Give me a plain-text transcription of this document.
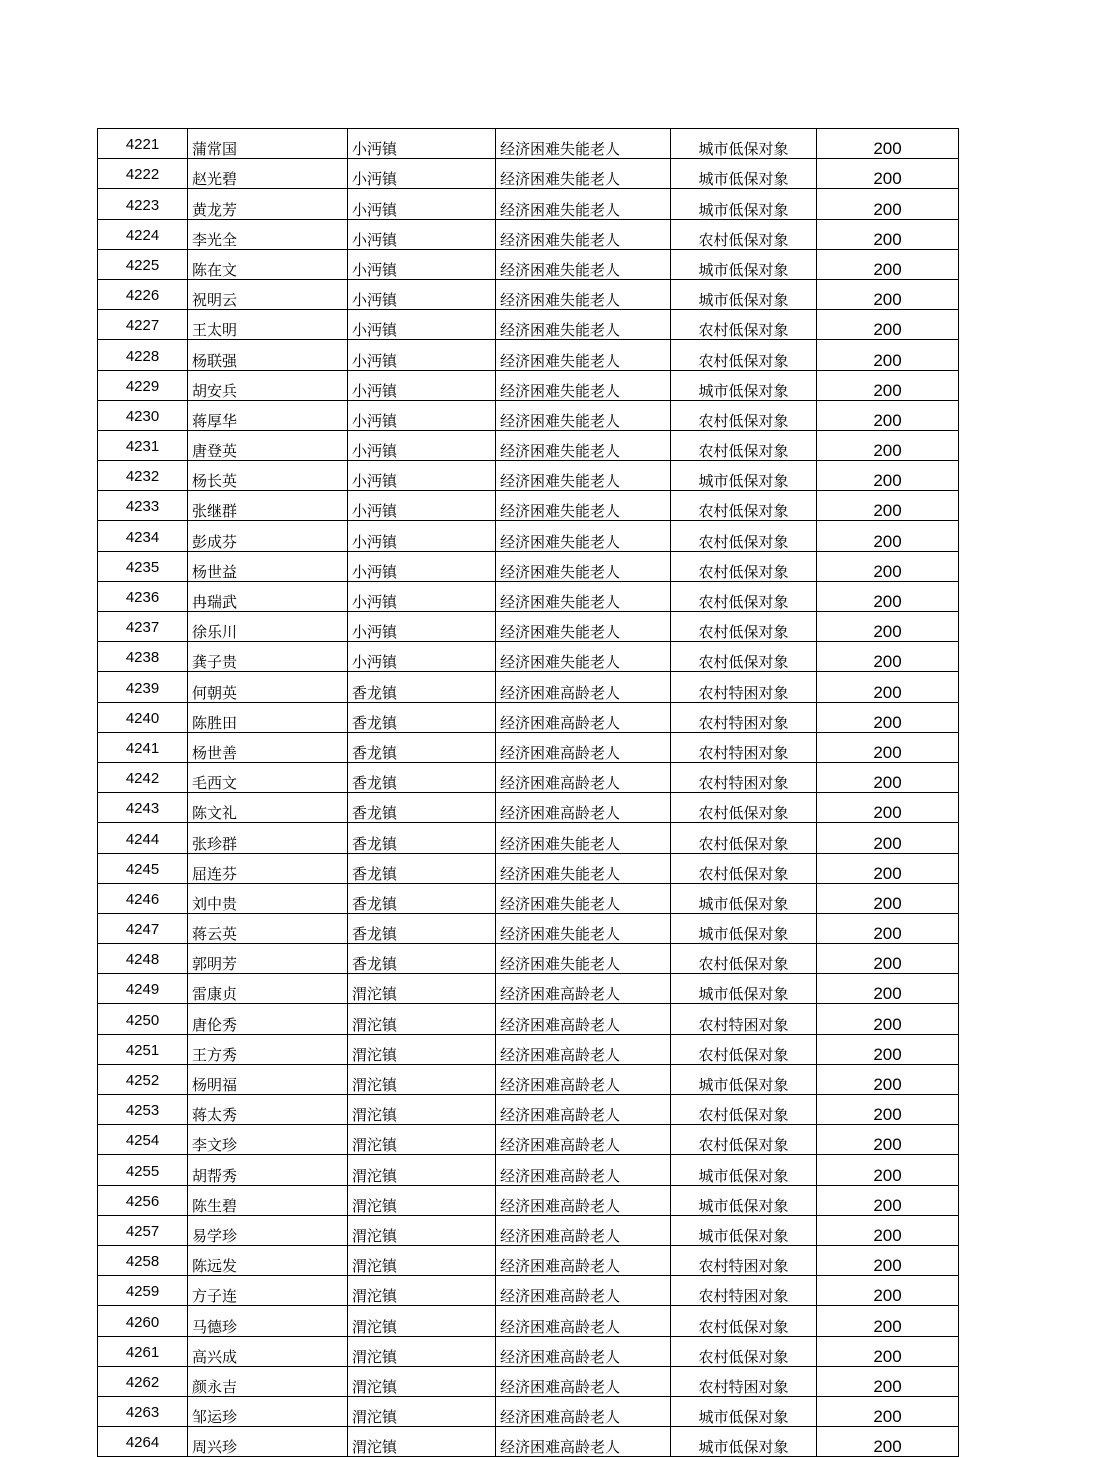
4221	蒲常国	小沔镇	经济困难失能老人	城市低保对象	200
4222	赵光碧	小沔镇	经济困难失能老人	城市低保对象	200
4223	黄龙芳	小沔镇	经济困难失能老人	城市低保对象	200
4224	李光全	小沔镇	经济困难失能老人	农村低保对象	200
4225	陈在文	小沔镇	经济困难失能老人	城市低保对象	200
4226	祝明云	小沔镇	经济困难失能老人	城市低保对象	200
4227	王太明	小沔镇	经济困难失能老人	农村低保对象	200
4228	杨联强	小沔镇	经济困难失能老人	农村低保对象	200
4229	胡安兵	小沔镇	经济困难失能老人	城市低保对象	200
4230	蒋厚华	小沔镇	经济困难失能老人	农村低保对象	200
4231	唐登英	小沔镇	经济困难失能老人	农村低保对象	200
4232	杨长英	小沔镇	经济困难失能老人	城市低保对象	200
4233	张继群	小沔镇	经济困难失能老人	农村低保对象	200
4234	彭成芬	小沔镇	经济困难失能老人	农村低保对象	200
4235	杨世益	小沔镇	经济困难失能老人	农村低保对象	200
4236	冉瑞武	小沔镇	经济困难失能老人	农村低保对象	200
4237	徐乐川	小沔镇	经济困难失能老人	农村低保对象	200
4238	龚子贵	小沔镇	经济困难失能老人	农村低保对象	200
4239	何朝英	香龙镇	经济困难高龄老人	农村特困对象	200
4240	陈胜田	香龙镇	经济困难高龄老人	农村特困对象	200
4241	杨世善	香龙镇	经济困难高龄老人	农村特困对象	200
4242	毛西文	香龙镇	经济困难高龄老人	农村特困对象	200
4243	陈文礼	香龙镇	经济困难高龄老人	农村低保对象	200
4244	张珍群	香龙镇	经济困难失能老人	农村低保对象	200
4245	屈连芬	香龙镇	经济困难失能老人	农村低保对象	200
4246	刘中贵	香龙镇	经济困难失能老人	城市低保对象	200
4247	蒋云英	香龙镇	经济困难失能老人	城市低保对象	200
4248	郭明芳	香龙镇	经济困难失能老人	农村低保对象	200
4249	雷康贞	渭沱镇	经济困难高龄老人	城市低保对象	200
4250	唐伦秀	渭沱镇	经济困难高龄老人	农村特困对象	200
4251	王方秀	渭沱镇	经济困难高龄老人	农村低保对象	200
4252	杨明福	渭沱镇	经济困难高龄老人	城市低保对象	200
4253	蒋太秀	渭沱镇	经济困难高龄老人	农村低保对象	200
4254	李文珍	渭沱镇	经济困难高龄老人	农村低保对象	200
4255	胡帮秀	渭沱镇	经济困难高龄老人	城市低保对象	200
4256	陈生碧	渭沱镇	经济困难高龄老人	城市低保对象	200
4257	易学珍	渭沱镇	经济困难高龄老人	城市低保对象	200
4258	陈远发	渭沱镇	经济困难高龄老人	农村特困对象	200
4259	方子连	渭沱镇	经济困难高龄老人	农村特困对象	200
4260	马德珍	渭沱镇	经济困难高龄老人	农村低保对象	200
4261	高兴成	渭沱镇	经济困难高龄老人	农村低保对象	200
4262	颜永吉	渭沱镇	经济困难高龄老人	农村特困对象	200
4263	邹运珍	渭沱镇	经济困难高龄老人	城市低保对象	200
4264	周兴珍	渭沱镇	经济困难高龄老人	城市低保对象	200
